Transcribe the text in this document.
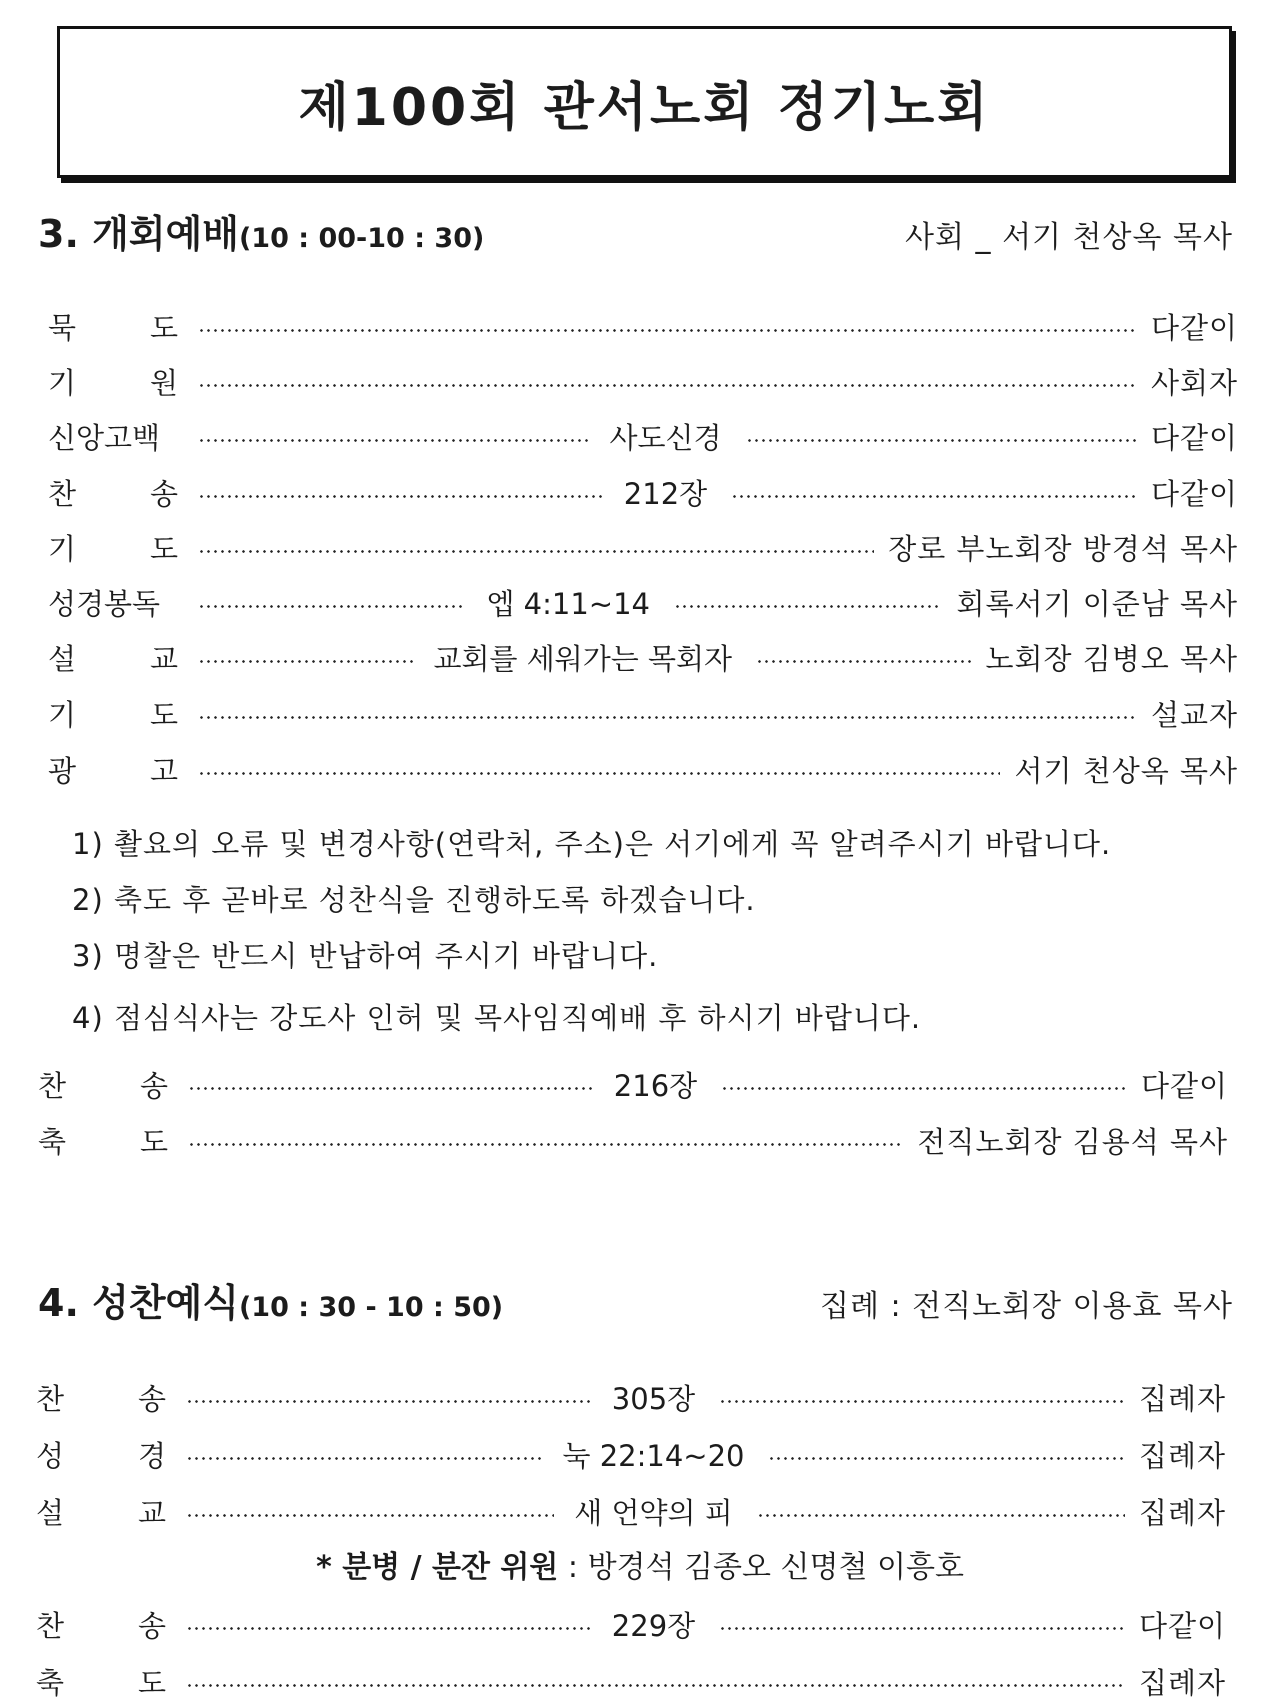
제100회 관서노회 정기노회
3. 개회예배(10 : 00-10 : 30)	사회 _ 서기 천상옥 목사
묵	도	다같이
기	원	사회자
신앙고백	사도신경	다같이
찬	송	212장	다같이
기	도	장로 부노회장 방경석 목사
성경봉독	엡 4:11~14	회록서기 이준남 목사
설	교	교회를 세워가는 목회자	노회장 김병오 목사
기	도	설교자
광	고	서기 천상옥 목사
1) 촬요의 오류 및 변경사항(연락처, 주소)은 서기에게 꼭 알려주시기 바랍니다.
2) 축도 후 곧바로 성찬식을 진행하도록 하겠습니다.
3) 명찰은 반드시 반납하여 주시기 바랍니다.
4) 점심식사는 강도사 인허 및 목사임직예배 후 하시기 바랍니다.
찬	송	216장	다같이
축	도	전직노회장 김용석 목사
4. 성찬예식(10 : 30 - 10 : 50)	집례 : 전직노회장 이용효 목사
찬	송	305장	집례자
성	경	눅 22:14~20	집례자
설	교	새 언약의 피	집례자
* 분병 / 분잔 위원 : 방경석 김종오 신명철 이흥호
찬	송	229장	다같이
축	도	집례자
